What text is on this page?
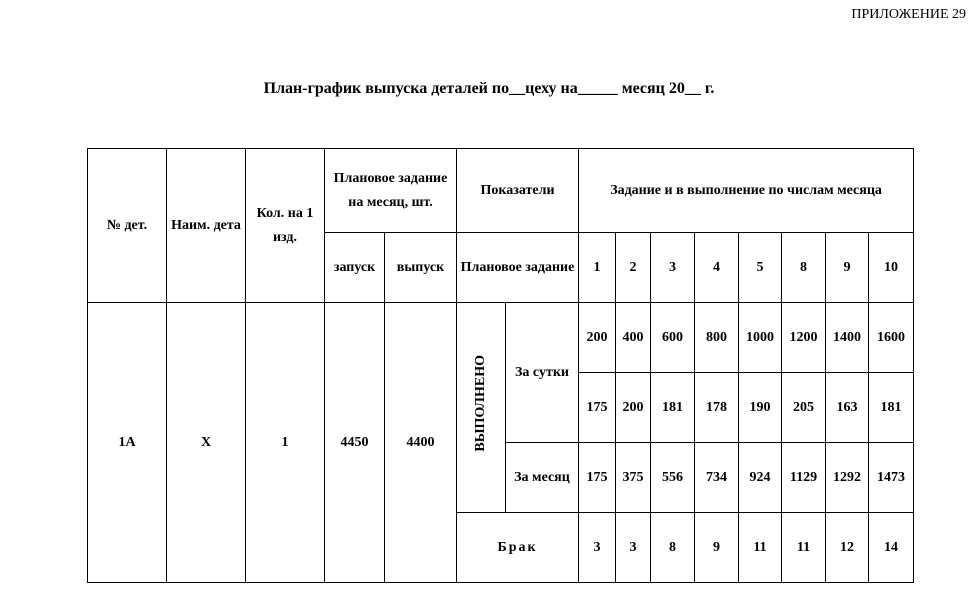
ПРИЛОЖЕНИЕ 29
План-график выпуска деталей по__цеху на_____ месяц 20__ г.
№ дет.	Наим. дета	Кол. на 1 изд.	Плановое задание на месяц, шт.		Показатели		Задание и в выполнение по числам месяца							
			запуск	выпуск	Плановое задание		1	2	3	4	5	8	9	10
1А	Х	1	4450	4400	ВЫПОЛНЕНО	За сутки	200	400	600	800	1000	1200	1400	1600
							175	200	181	178	190	205	163	181
						За месяц	175	375	556	734	924	1129	1292	1473
					Брак		3	3	8	9	11	11	12	14
